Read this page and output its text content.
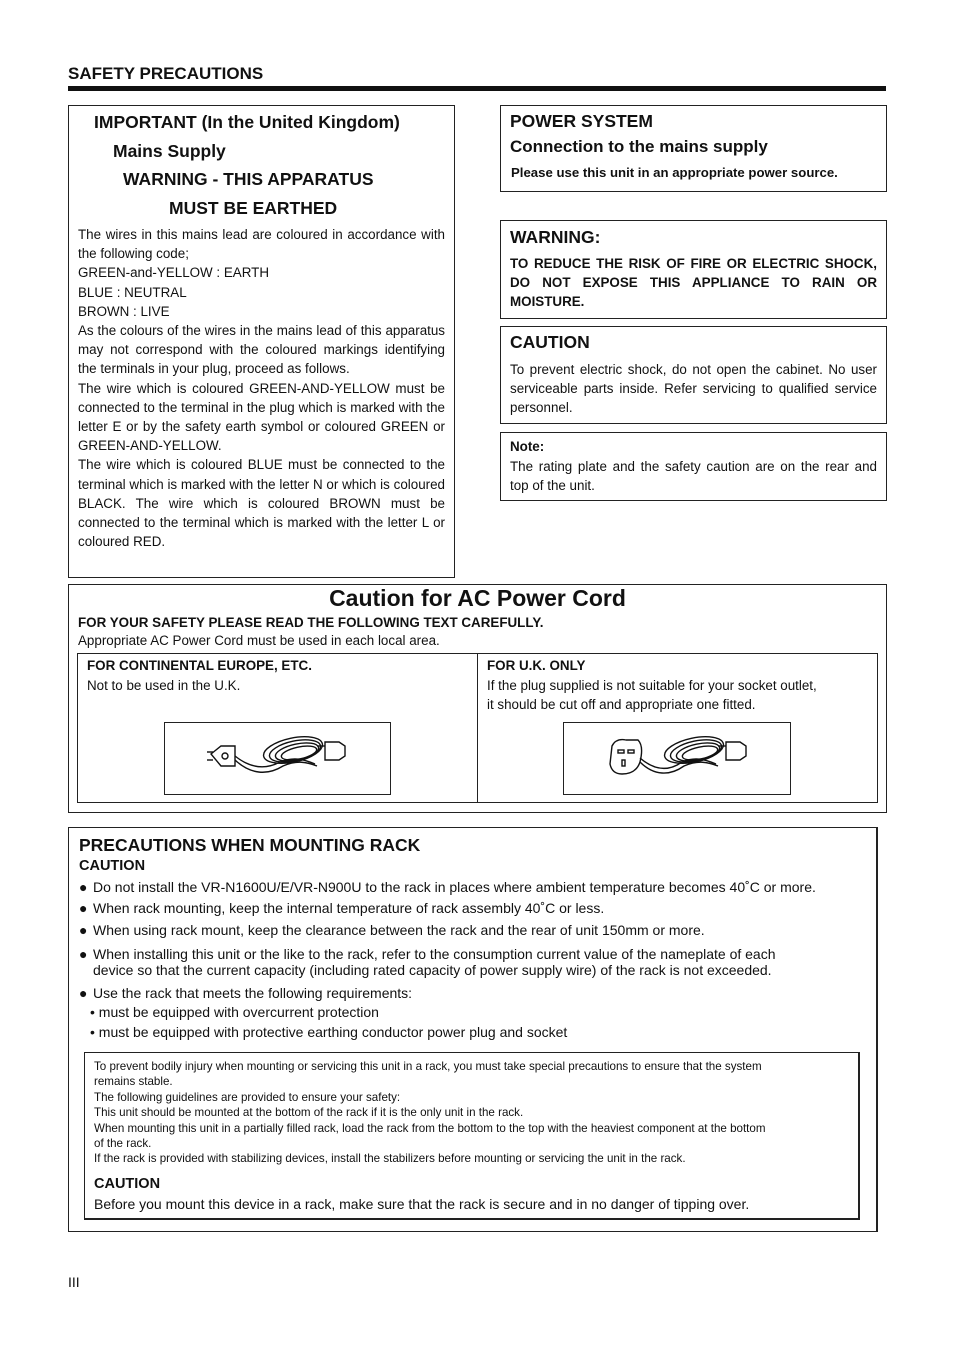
SAFETY PRECAUTIONS
IMPORTANT (In the United Kingdom)
Mains Supply
WARNING - THIS APPARATUS
MUST BE EARTHED
The wires in this mains lead are coloured in accordance with the following code;
GREEN-and-YELLOW : EARTH
BLUE : NEUTRAL
BROWN : LIVE
As the colours of the wires in the mains lead of this apparatus may not correspond with the coloured markings identifying the terminals in your plug, proceed as follows.
The wire which is coloured GREEN-AND-YELLOW must be connected to the terminal in the plug which is marked with the letter E or by the safety earth symbol or coloured GREEN or GREEN-AND-YELLOW.
The wire which is coloured BLUE must be connected to the terminal which is marked with the letter N or which is coloured BLACK. The wire which is coloured BROWN must be connected to the terminal which is marked with the letter L or coloured RED.
POWER SYSTEM
Connection to the mains supply
Please use this unit in an appropriate power source.
WARNING:
TO REDUCE THE RISK OF FIRE OR ELECTRIC SHOCK, DO NOT EXPOSE THIS APPLIANCE TO RAIN OR MOISTURE.
CAUTION
To prevent electric shock, do not open the cabinet. No user serviceable parts inside. Refer servicing to qualified service personnel.
Note:
The rating plate and the safety caution are on the rear and top of the unit.
Caution for AC Power Cord
FOR YOUR SAFETY PLEASE READ THE FOLLOWING TEXT CAREFULLY.
Appropriate AC Power Cord must be used in each local area.
FOR CONTINENTAL EUROPE, ETC.
Not to be used in the U.K.
FOR U.K. ONLY
If the plug supplied is not suitable for your socket outlet,
it should be cut off and appropriate one fitted.
PRECAUTIONS WHEN MOUNTING RACK
CAUTION
● Do not install the VR-N1600U/E/VR-N900U to the rack in places where ambient temperature becomes 40˚C or more.
● When rack mounting, keep the internal temperature of rack assembly 40˚C or less.
● When using rack mount, keep the clearance between the rack and the rear of unit 150mm or more.
● When installing this unit or the like to the rack, refer to the consumption current value of the nameplate of each
device so that the current capacity (including rated capacity of power supply wire) of the rack is not exceeded.
● Use the rack that meets the following requirements:
• must be equipped with overcurrent protection
• must be equipped with protective earthing conductor power plug and socket
To prevent bodily injury when mounting or servicing this unit in a rack, you must take special precautions to ensure that the system
remains stable.
The following guidelines are provided to ensure your safety:
This unit should be mounted at the bottom of the rack if it is the only unit in the rack.
When mounting this unit in a partially filled rack, load the rack from the bottom to the top with the heaviest component at the bottom
of the rack.
If the rack is provided with stabilizing devices, install the stabilizers before mounting or servicing the unit in the rack.
CAUTION
Before you mount this device in a rack, make sure that the rack is secure and in no danger of tipping over.
III
